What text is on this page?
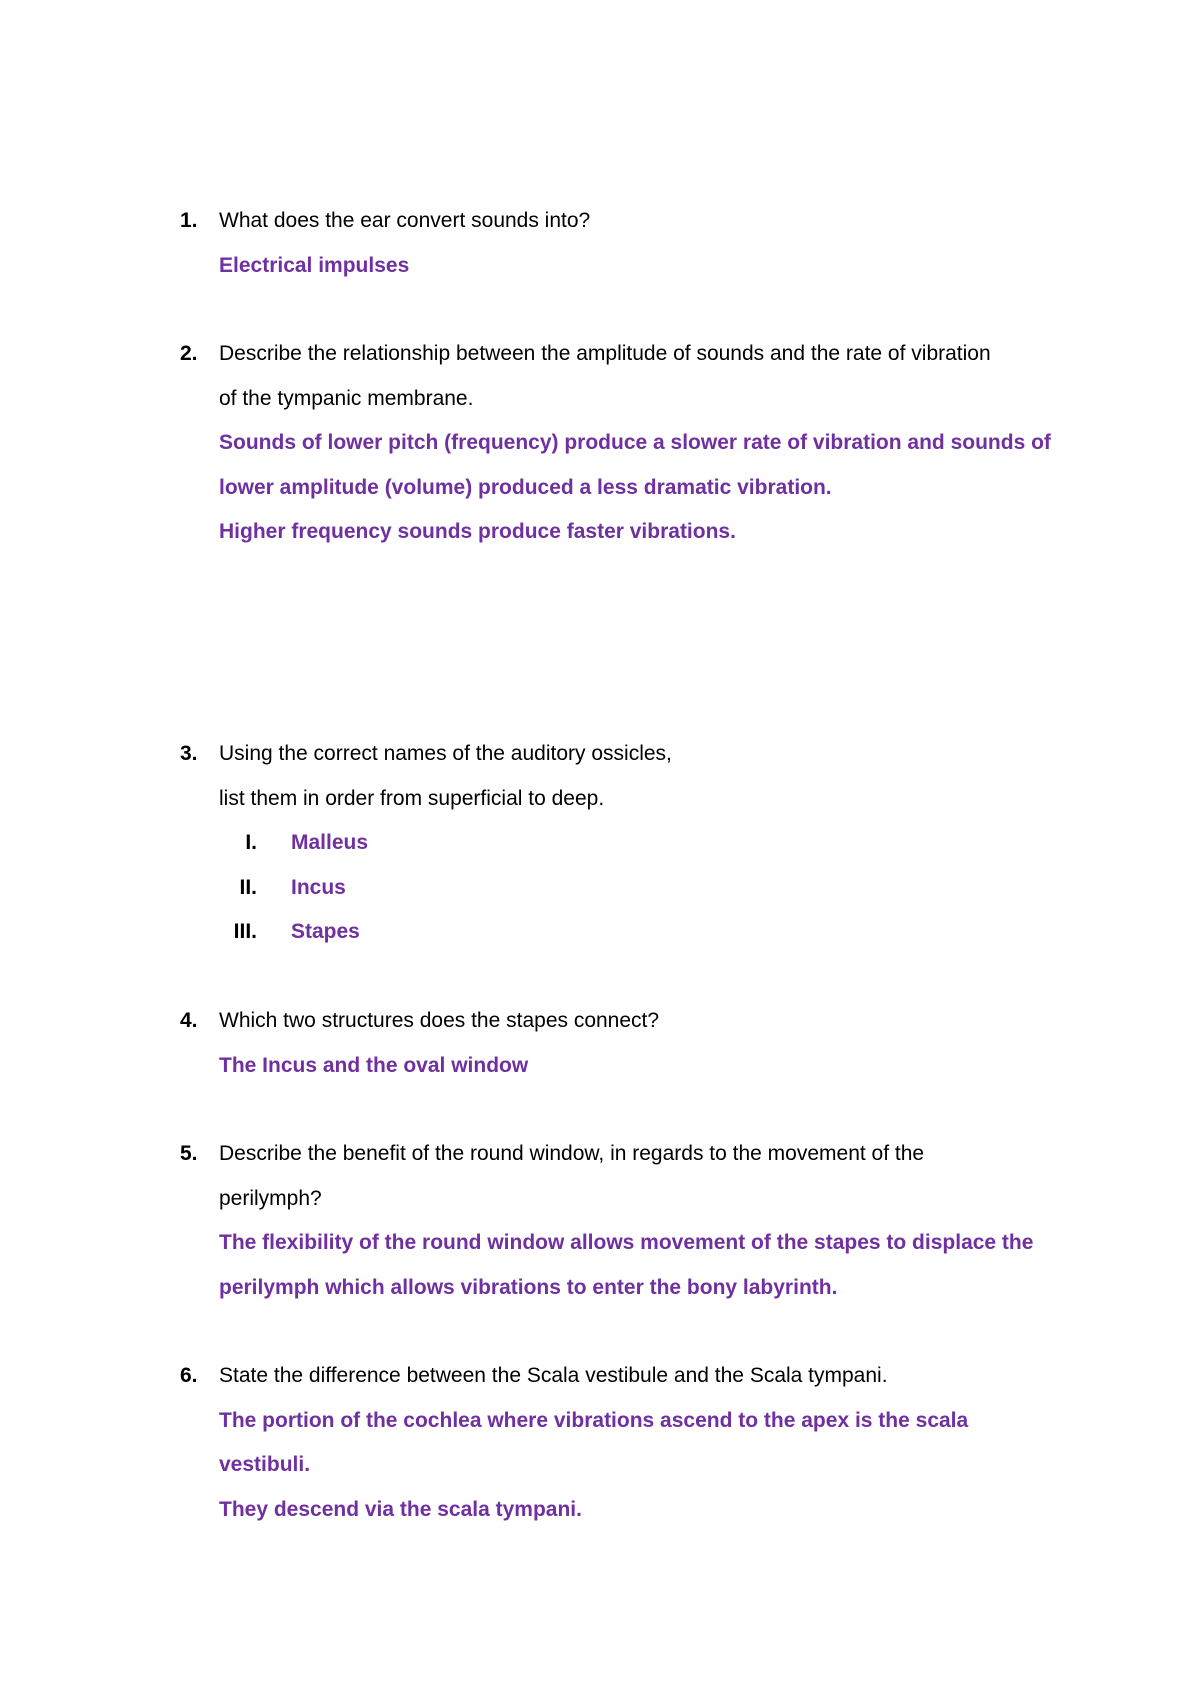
1. What does the ear convert sounds into?
Electrical impulses
2. Describe the relationship between the amplitude of sounds and the rate of vibration
of the tympanic membrane.
Sounds of lower pitch (frequency) produce a slower rate of vibration and sounds of
lower amplitude (volume) produced a less dramatic vibration.
Higher frequency sounds produce faster vibrations.
3. Using the correct names of the auditory ossicles,
list them in order from superficial to deep.
I. Malleus
II. Incus
III. Stapes
4. Which two structures does the stapes connect?
The Incus and the oval window
5. Describe the benefit of the round window, in regards to the movement of the
perilymph?
The flexibility of the round window allows movement of the stapes to displace the
perilymph which allows vibrations to enter the bony labyrinth.
6. State the difference between the Scala vestibule and the Scala tympani.
The portion of the cochlea where vibrations ascend to the apex is the scala
vestibuli.
They descend via the scala tympani.
